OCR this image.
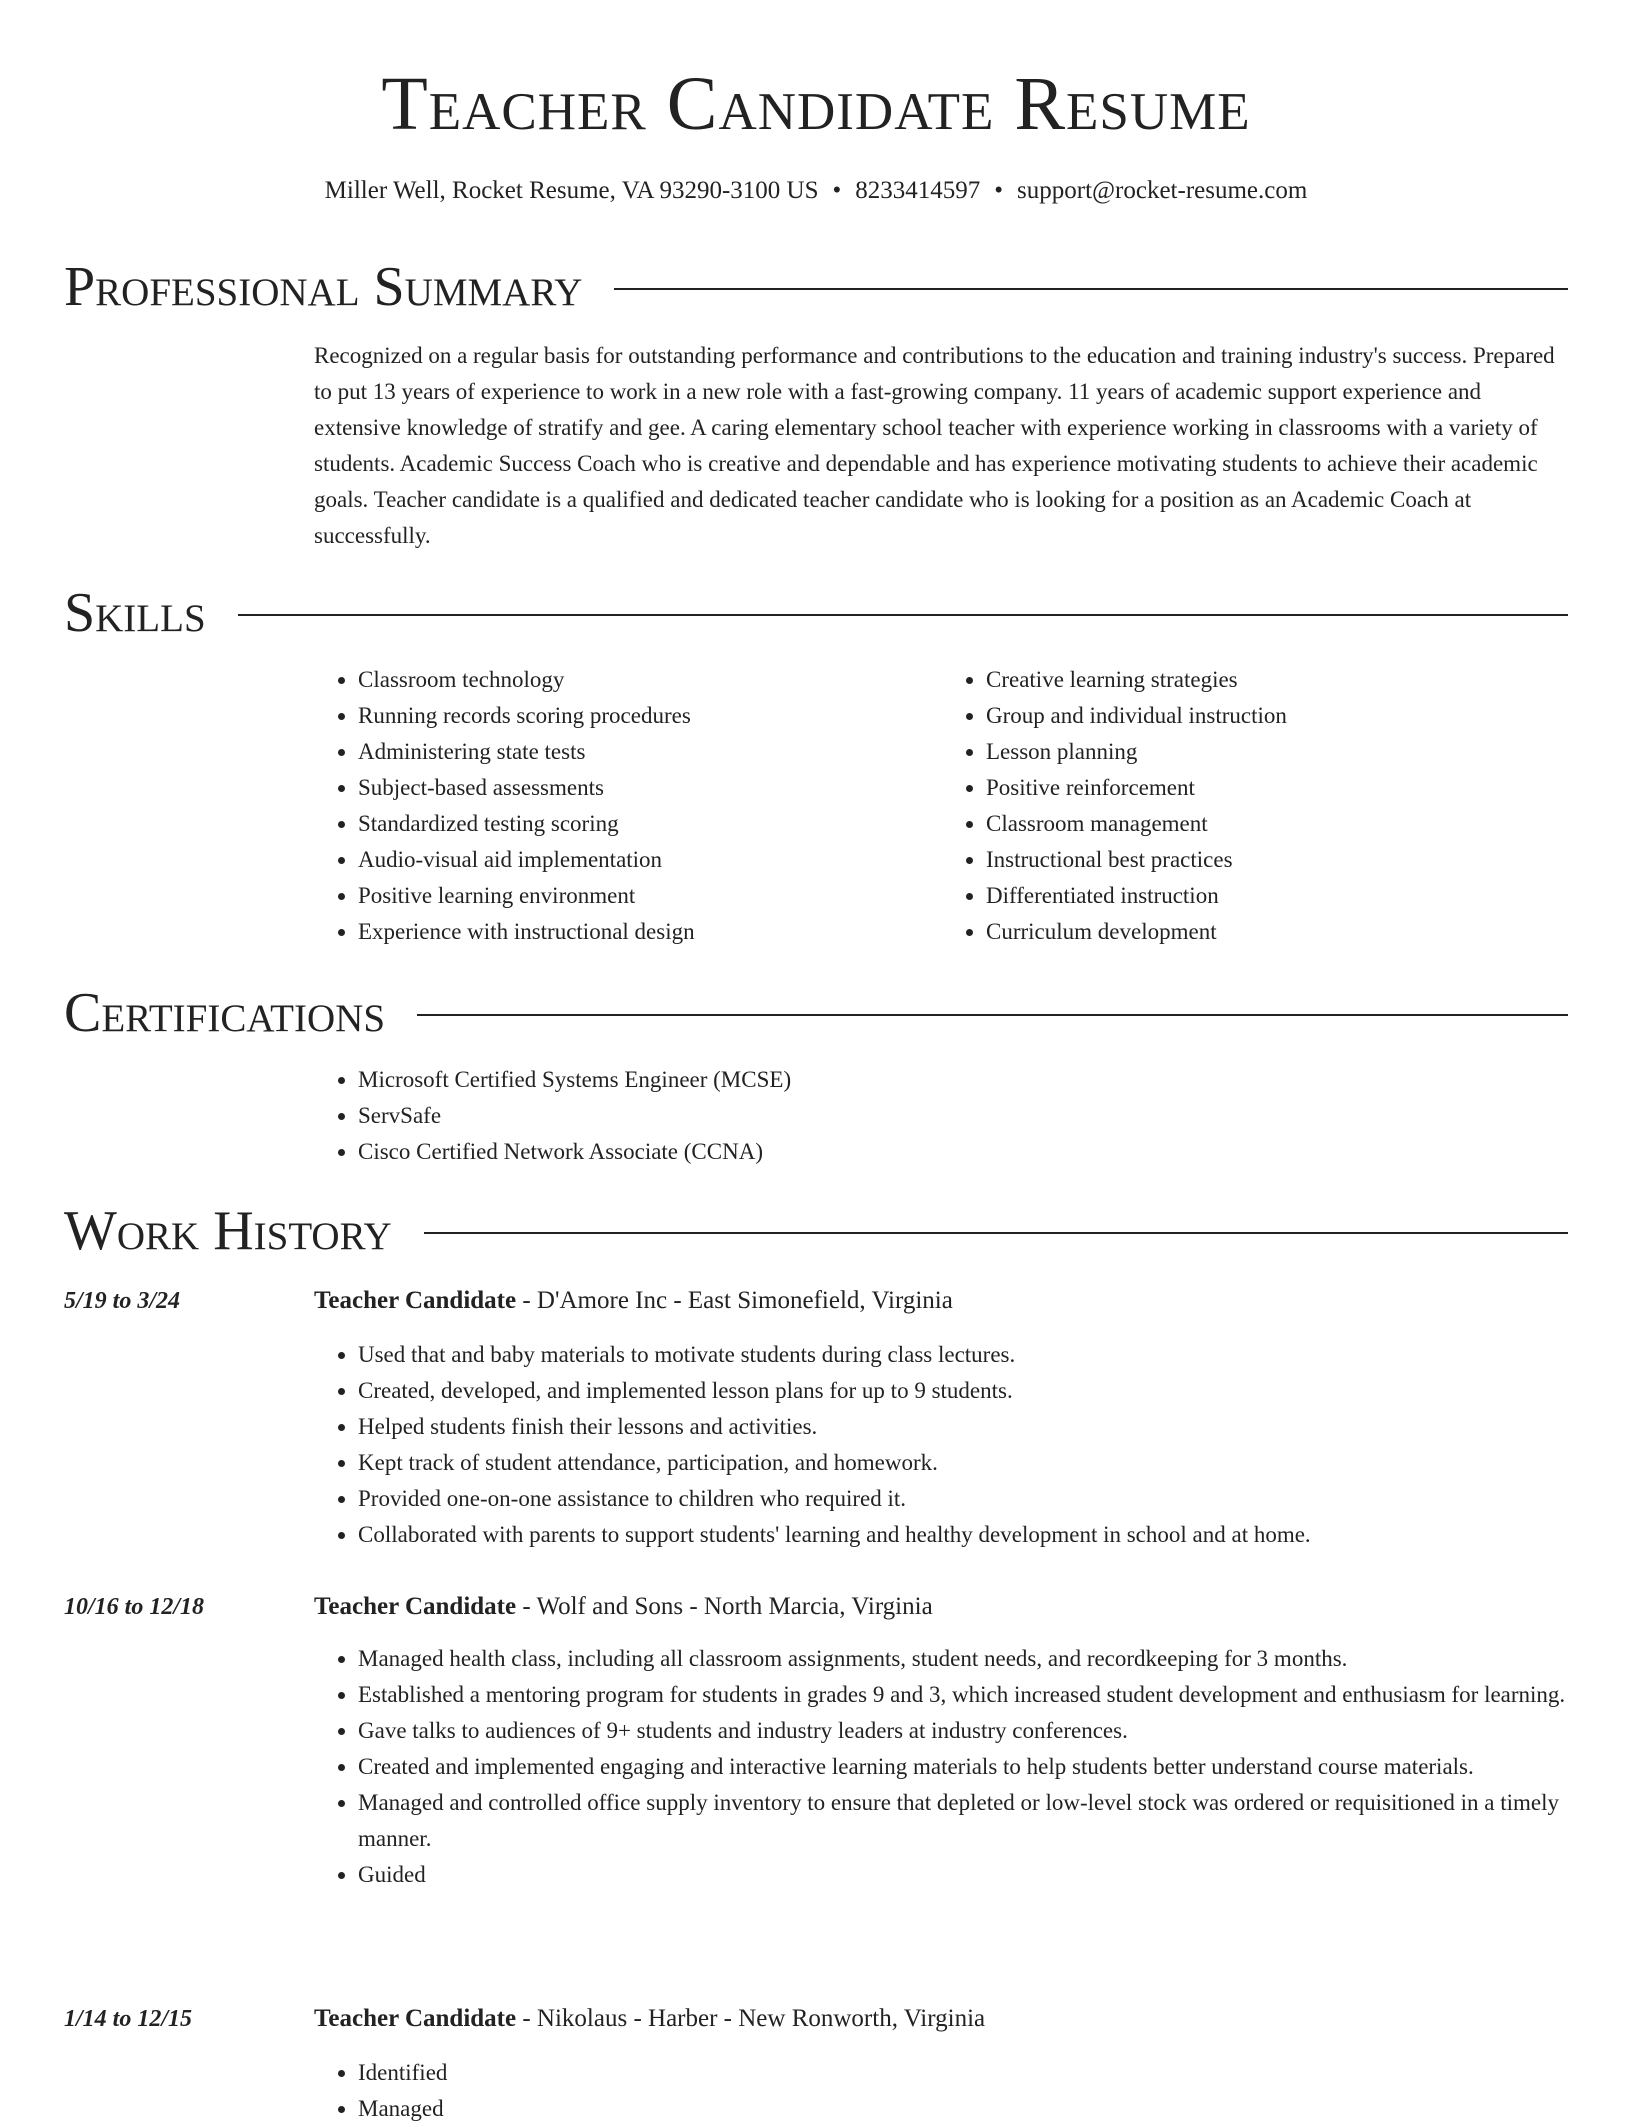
Teacher Candidate Resume
Miller Well, Rocket Resume, VA 93290-3100 US • 8233414597 • support@rocket-resume.com
Professional Summary

Recognized on a regular basis for outstanding performance and contributions to the education and training industry's success. Prepared to put 13 years of experience to work in a new role with a fast-growing company. 11 years of academic support experience and extensive knowledge of stratify and gee. A caring elementary school teacher with experience working in classrooms with a variety of students. Academic Success Coach who is creative and dependable and has experience motivating students to achieve their academic goals. Teacher candidate is a qualified and dedicated teacher candidate who is looking for a position as an Academic Coach at successfully.

Skills
• Classroom technology
• Running records scoring procedures
• Administering state tests
• Subject-based assessments
• Standardized testing scoring
• Audio-visual aid implementation
• Positive learning environment
• Experience with instructional design
• Creative learning strategies
• Group and individual instruction
• Lesson planning
• Positive reinforcement
• Classroom management
• Instructional best practices
• Differentiated instruction
• Curriculum development
Certifications
• Microsoft Certified Systems Engineer (MCSE)
• ServSafe
• Cisco Certified Network Associate (CCNA)
Work History
5/19 to 3/24	Teacher Candidate - D'Amore Inc - East Simonefield, Virginia
• Used that and baby materials to motivate students during class lectures.
• Created, developed, and implemented lesson plans for up to 9 students.
• Helped students finish their lessons and activities.
• Kept track of student attendance, participation, and homework.
• Provided one-on-one assistance to children who required it.
• Collaborated with parents to support students' learning and healthy development in school and at home.
10/16 to 12/18	Teacher Candidate - Wolf and Sons - North Marcia, Virginia
• Managed health class, including all classroom assignments, student needs, and recordkeeping for 3 months.
• Established a mentoring program for students in grades 9 and 3, which increased student development and enthusiasm for learning.
• Gave talks to audiences of 9+ students and industry leaders at industry conferences.
• Created and implemented engaging and interactive learning materials to help students better understand course materials.
• Managed and controlled office supply inventory to ensure that depleted or low-level stock was ordered or requisitioned in a timely manner.
• Guided
1/14 to 12/15	Teacher Candidate - Nikolaus - Harber - New Ronworth, Virginia
• Identified
• Managed
